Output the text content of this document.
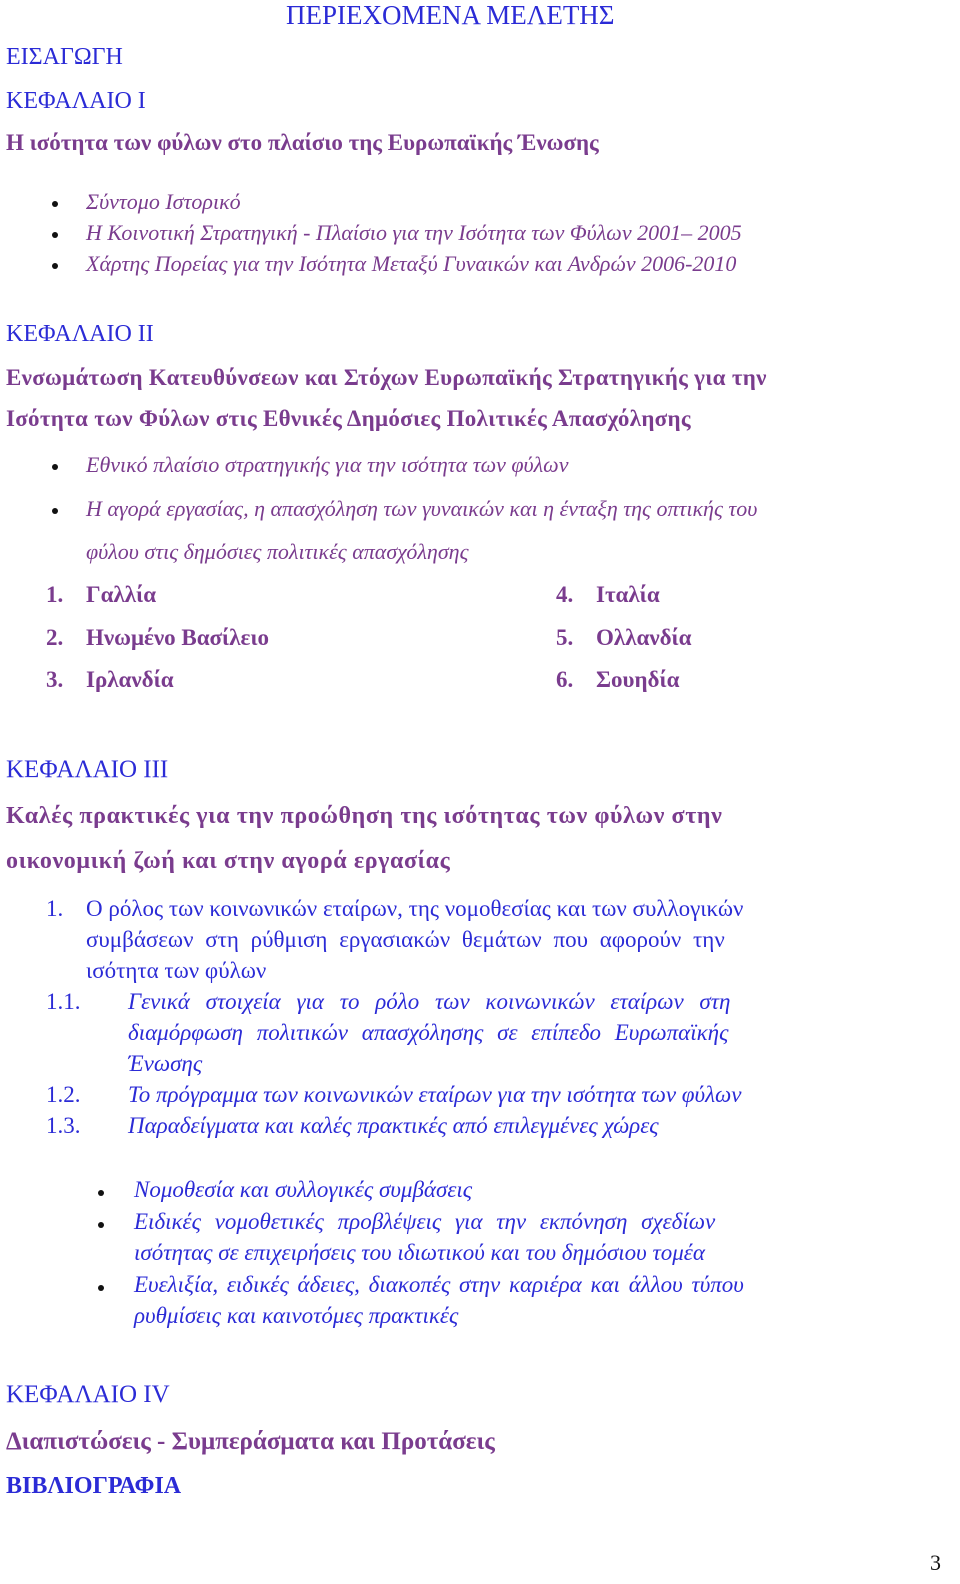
ΠΕΡΙΕΧΟΜΕΝΑ ΜΕΛΕΤΗΣ
ΕΙΣΑΓΩΓΗ
ΚΕΦΑΛΑΙΟ Ι
Η ισότητα των φύλων στο πλαίσιο της Ευρωπαϊκής Ένωσης
Σύντομο Ιστορικό
Η Κοινοτική Στρατηγική - Πλαίσιο για την Ισότητα των Φύλων 2001– 2005
Χάρτης Πορείας για την Ισότητα Μεταξύ Γυναικών και Ανδρών 2006-2010
ΚΕΦΑΛΑΙΟ ΙΙ
Ενσωμάτωση Κατευθύνσεων και Στόχων Ευρωπαϊκής Στρατηγικής για την
Ισότητα των Φύλων στις Εθνικές Δημόσιες Πολιτικές Απασχόλησης
Εθνικό πλαίσιο στρατηγικής για την ισότητα των φύλων
Η αγορά εργασίας, η απασχόληση των γυναικών και η ένταξη της οπτικής του
φύλου στις δημόσιες πολιτικές απασχόλησης
1. Γαλλία
2. Ηνωμένο Βασίλειο
3. Ιρλανδία
4. Ιταλία
5. Ολλανδία
6. Σουηδία
ΚΕΦΑΛΑΙΟ ΙΙΙ
Καλές πρακτικές για την προώθηση της ισότητας των φύλων στην
οικονομική ζωή και στην αγορά εργασίας
1. Ο ρόλος των κοινωνικών εταίρων, της νομοθεσίας και των συλλογικών
συμβάσεων στη ρύθμιση εργασιακών θεμάτων που αφορούν την
ισότητα των φύλων
1.1. Γενικά στοιχεία για το ρόλο των κοινωνικών εταίρων στη
διαμόρφωση πολιτικών απασχόλησης σε επίπεδο Ευρωπαϊκής
Ένωσης
1.2. Το πρόγραμμα των κοινωνικών εταίρων για την ισότητα των φύλων
1.3. Παραδείγματα και καλές πρακτικές από επιλεγμένες χώρες
Νομοθεσία και συλλογικές συμβάσεις
Ειδικές νομοθετικές προβλέψεις για την εκπόνηση σχεδίων
ισότητας σε επιχειρήσεις του ιδιωτικού και του δημόσιου τομέα
Ευελιξία, ειδικές άδειες, διακοπές στην καριέρα και άλλου τύπου
ρυθμίσεις και καινοτόμες πρακτικές
ΚΕΦΑΛΑΙΟ IV
Διαπιστώσεις - Συμπεράσματα και Προτάσεις
ΒΙΒΛΙΟΓΡΑΦΙΑ
3
